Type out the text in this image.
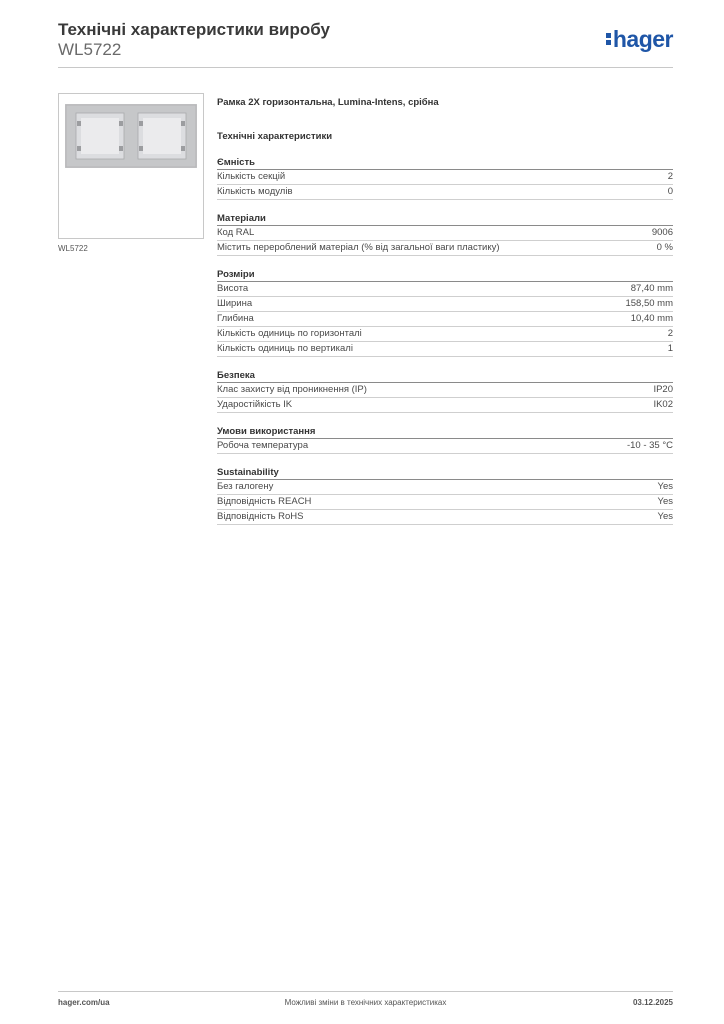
Технічні характеристики виробу
WL5722	hager
WL5722
Рамка 2Х горизонтальна, Lumina-Intens, срібна
Технічні характеристики
Ємність
Кількість секцій	2
Кількість модулів	0
Матеріали
Код RAL	9006
Містить перероблений матеріал (% від загальної ваги пластику)	0 %
Розміри
Висота	87,40 mm
Ширина	158,50 mm
Глибина	10,40 mm
Кількість одиниць по горизонталі	2
Кількість одиниць по вертикалі	1
Безпека
Клас захисту від проникнення (IP)	IP20
Ударостійкість IK	IK02
Умови використання
Робоча температура	-10 - 35 °C
Sustainability
Без галогену	Yes
Відповідність REACH	Yes
Відповідність RoHS	Yes
hager.com/ua	Можливі зміни в технічних характеристиках	03.12.2025
